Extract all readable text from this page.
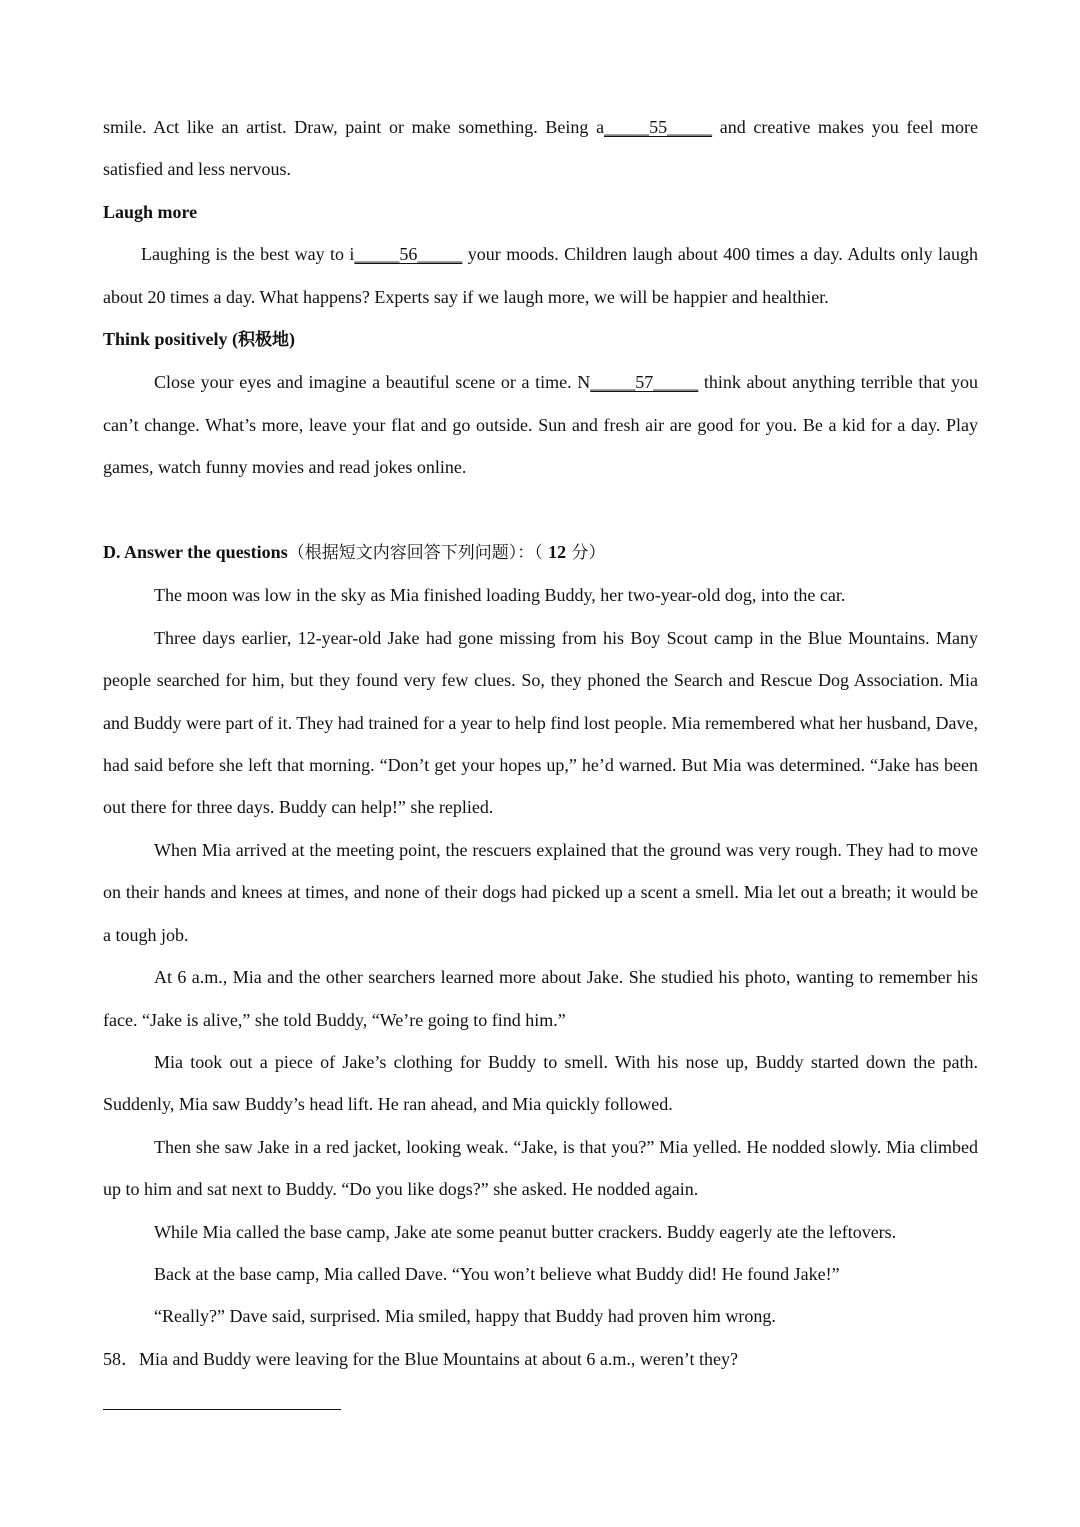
smile. Act like an artist. Draw, paint or make something. Being a_____55_____ and creative makes you feel more satisfied and less nervous.

Laugh more

Laughing is the best way to i_____56_____ your moods. Children laugh about 400 times a day. Adults only laugh about 20 times a day. What happens? Experts say if we laugh more, we will be happier and healthier.

Think positively (积极地)

Close your eyes and imagine a beautiful scene or a time. N_____57_____ think about anything terrible that you can’t change. What’s more, leave your flat and go outside. Sun and fresh air are good for you. Be a kid for a day. Play games, watch funny movies and read jokes online.

D. Answer the questions（根据短文内容回答下列问题）：（ 12 分）

The moon was low in the sky as Mia finished loading Buddy, her two-year-old dog, into the car.

Three days earlier, 12-year-old Jake had gone missing from his Boy Scout camp in the Blue Mountains. Many people searched for him, but they found very few clues. So, they phoned the Search and Rescue Dog Association. Mia and Buddy were part of it. They had trained for a year to help find lost people. Mia remembered what her husband, Dave, had said before she left that morning. “Don’t get your hopes up,” he’d warned. But Mia was determined. “Jake has been out there for three days. Buddy can help!” she replied.

When Mia arrived at the meeting point, the rescuers explained that the ground was very rough. They had to move on their hands and knees at times, and none of their dogs had picked up a scent a smell. Mia let out a breath; it would be a tough job.

At 6 a.m., Mia and the other searchers learned more about Jake. She studied his photo, wanting to remember his face. “Jake is alive,” she told Buddy, “We’re going to find him.”

Mia took out a piece of Jake’s clothing for Buddy to smell. With his nose up, Buddy started down the path. Suddenly, Mia saw Buddy’s head lift. He ran ahead, and Mia quickly followed.

Then she saw Jake in a red jacket, looking weak. “Jake, is that you?” Mia yelled. He nodded slowly. Mia climbed up to him and sat next to Buddy. “Do you like dogs?” she asked. He nodded again.

While Mia called the base camp, Jake ate some peanut butter crackers. Buddy eagerly ate the leftovers.

Back at the base camp, Mia called Dave. “You won’t believe what Buddy did! He found Jake!”

“Really?” Dave said, surprised. Mia smiled, happy that Buddy had proven him wrong.

58．Mia and Buddy were leaving for the Blue Mountains at about 6 a.m., weren’t they?
